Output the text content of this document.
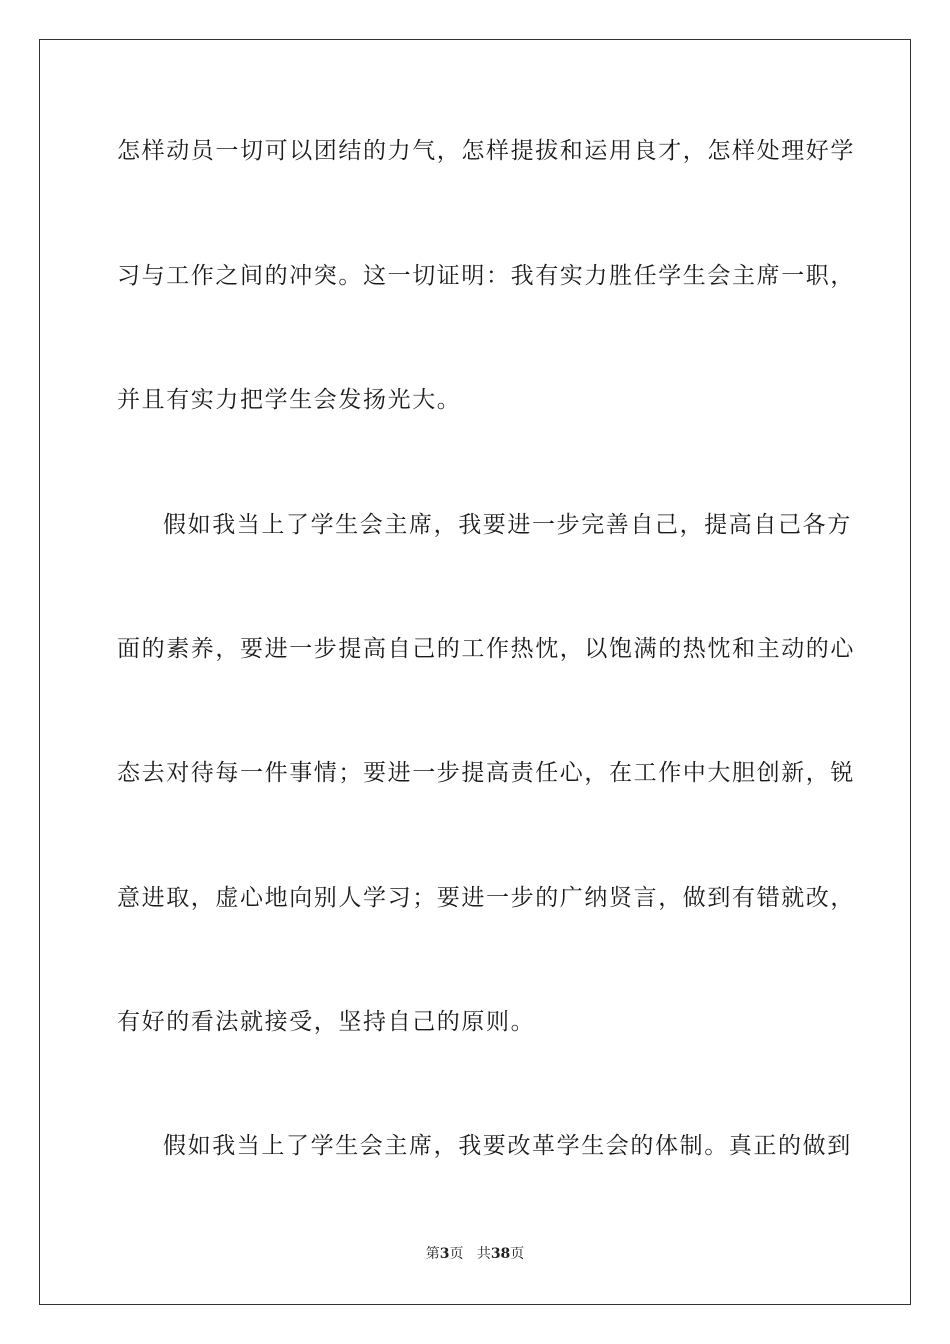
怎样动员一切可以团结的力气，怎样提拔和运用良才，怎样处理好学
习与工作之间的冲突。这一切证明：我有实力胜任学生会主席一职，
并且有实力把学生会发扬光大。
假如我当上了学生会主席，我要进一步完善自己，提高自己各方
面的素养，要进一步提高自己的工作热忱，以饱满的热忱和主动的心
态去对待每一件事情；要进一步提高责任心，在工作中大胆创新，锐
意进取，虚心地向别人学习；要进一步的广纳贤言，做到有错就改，
有好的看法就接受，坚持自己的原则。
假如我当上了学生会主席，我要改革学生会的体制。真正的做到
第3页 共38页
